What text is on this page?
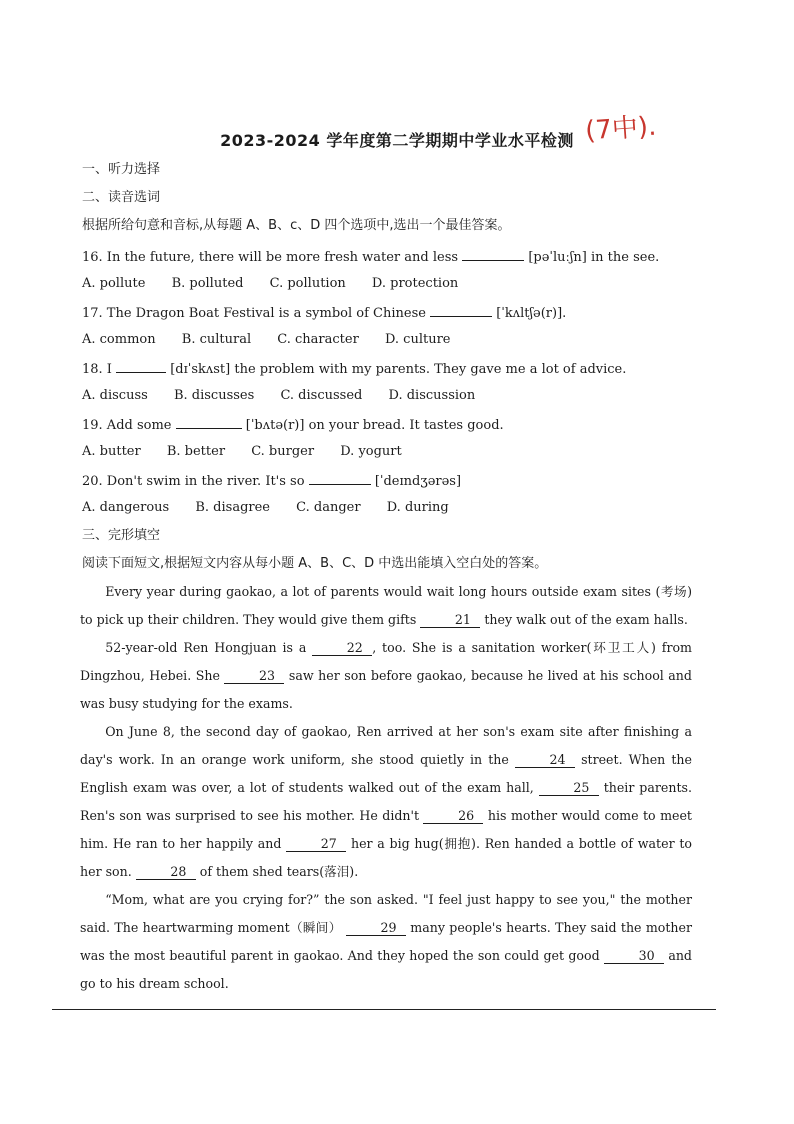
2023-2024 学年度第二学期期中学业水平检测 (7中).
一、听力选择
二、读音选词
根据所给句意和音标,从每题 A、B、c、D 四个选项中,选出一个最佳答案。
16. In the future, there will be more fresh water and less	[pəˈluːʃn] in the see.
A. pollute B. polluted C. pollution D. protection
17. The Dragon Boat Festival is a symbol of Chinese	[ˈkʌltʃə(r)].
A. common B. cultural C. character D. culture
18. I	[dɪˈskʌst] the problem with my parents. They gave me a lot of advice.
A. discuss B. discusses C. discussed D. discussion
19. Add some	[ˈbʌtə(r)] on your bread. It tastes good.
A. butter B. better C. burger D. yogurt
20. Don't swim in the river. It's so	[ˈdeɪndʒərəs]
A. dangerous B. disagree C. danger D. during
三、完形填空
阅读下面短文,根据短文内容从每小题 A、B、C、D 中选出能填入空白处的答案。

Every year during gaokao, a lot of parents would wait long hours outside exam sites (考场) to pick up their children. They would give them gifts	21 they walk out of the exam halls.

52-year-old Ren Hongjuan is a	22 , too. She is a sanitation worker(环卫工人) from Dingzhou, Hebei. She	23 saw her son before gaokao, because he lived at his school and was busy studying for the exams.

On June 8, the second day of gaokao, Ren arrived at her son's exam site after finishing a day's work. In an orange work uniform, she stood quietly in the	24 street. When the English exam was over, a lot of students walked out of the exam hall,	25 their parents. Ren's son was surprised to see his mother. He didn't	26 his mother would come to meet him. He ran to her happily and	27 her a big hug(拥抱). Ren handed a bottle of water to her son.	28 of them shed tears(落泪).

“Mom, what are you crying for?” the son asked. "I feel just happy to see you," the mother said. The heartwarming moment（瞬间）	29 many people's hearts. They said the mother was the most beautiful parent in gaokao. And they hoped the son could get good	30 and go to his dream school.
